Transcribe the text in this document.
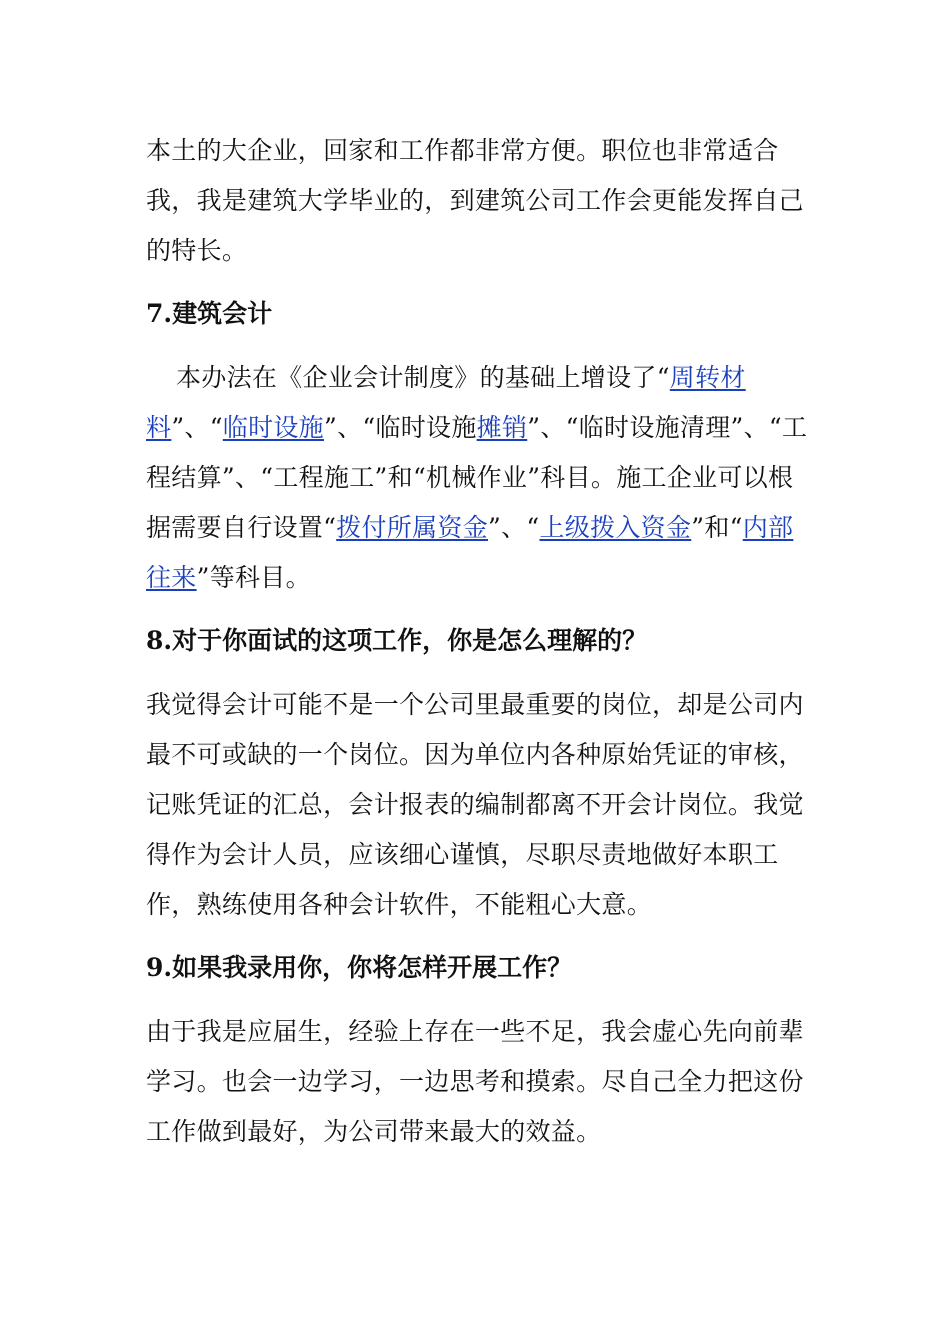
本土的大企业，回家和工作都非常方便。职位也非常适合我，我是建筑大学毕业的，到建筑公司工作会更能发挥自己的特长。

7.建筑会计

本办法在《企业会计制度》的基础上增设了“周转材料”、“临时设施”、“临时设施摊销”、“临时设施清理”、“工程结算”、“工程施工”和“机械作业”科目。施工企业可以根据需要自行设置“拨付所属资金”、“上级拨入资金”和“内部往来”等科目。

8.对于你面试的这项工作，你是怎么理解的？

我觉得会计可能不是一个公司里最重要的岗位，却是公司内最不可或缺的一个岗位。因为单位内各种原始凭证的审核，记账凭证的汇总，会计报表的编制都离不开会计岗位。我觉得作为会计人员，应该细心谨慎，尽职尽责地做好本职工作，熟练使用各种会计软件，不能粗心大意。

9.如果我录用你，你将怎样开展工作？

由于我是应届生，经验上存在一些不足，我会虚心先向前辈学习。也会一边学习，一边思考和摸索。尽自己全力把这份工作做到最好，为公司带来最大的效益。
